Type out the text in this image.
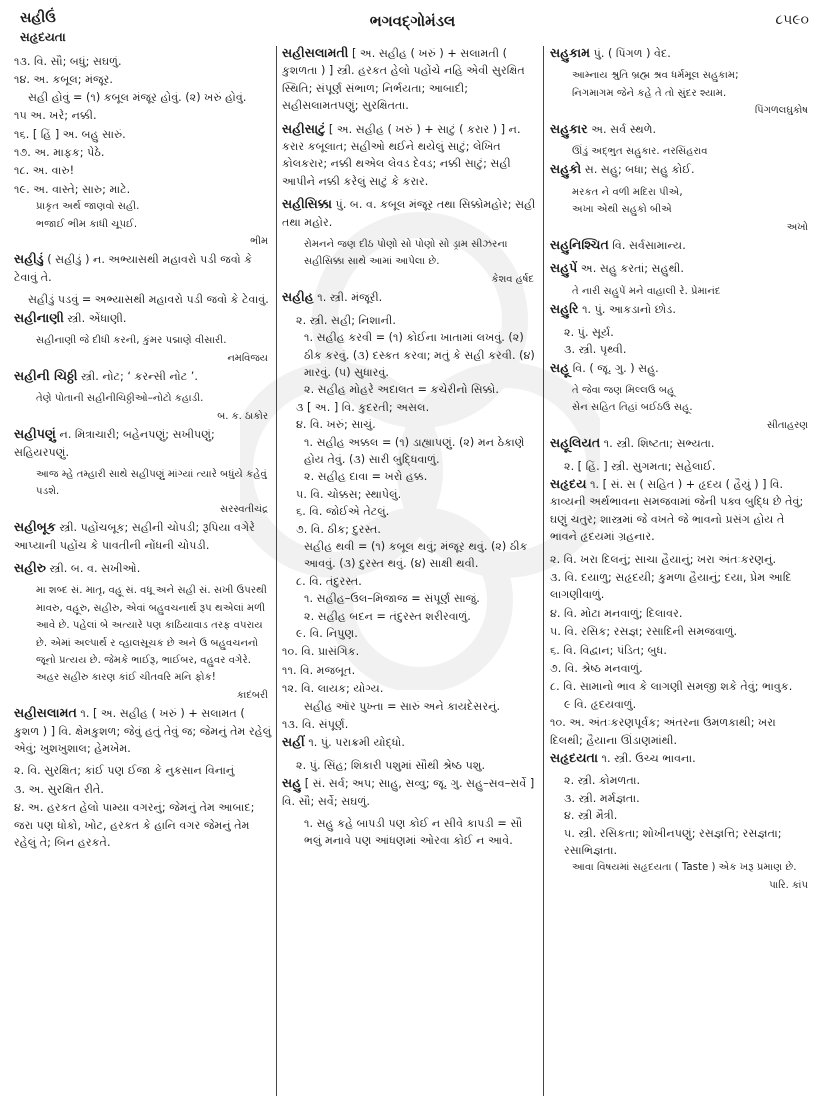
સહીઉં
સહૃદયતા
ભગવદ્ગોમંડલ	૮૫૯૦
૧૩. વિ. સૌ; બધું; સઘળું.
૧૪. અ. કબૂલ; મંજૂર.
સહી હોવું = (૧) કબૂલ મંજૂર હોવું. (૨) ખરું હોવું.
૧૫ અ. ખરે; નક્કી.
૧૬. [ હિં ] અ. બહુ સારું.
૧૭. અ. માફક; પેઠે.
૧૮. અ. વારુ!
૧૯. અ. વાસ્તે; સારુ; માટે.
પ્રાકૃત અર્થ જાણવો સહી.
ભજાઈ ભીમ કાધી ચૂપઈ.
ભીમ
સહીડું ( સહીડું ) ન. અભ્યાસથી મહાવરો પડી જવો કે ટેવાવું તે.
સહીડું પડવું = અભ્યાસથી મહાવરો પડી જવો કે ટેવાવું.
સહીનાણી સ્ત્રી. એંધાણી.
સહીનાણી જે દીધી કરની, કુંમર પદ્માણે વીસારી.
નમવિજય
સહીની ચિઠ્ઠી સ્ત્રી. નોટ; ‘ કરન્સી નોટ ’.
તેણે પોતાની સહીનીચિઠ્ઠીઓ–નોટો કહાડી.
બ. ક. ઠાકોર
સહીપણું ન. મિત્રાચારી; બહેનપણું; સખીપણું; સહિયરપણું.
આજ મ્હે તમ્હારી સાથે સહીપણું માંગ્યાં ત્યારે બધુંયે કહેવું પડશે.
સરસ્વતીચંદ્ર
સહીબૂક સ્ત્રી. પહોંચબૂક; સહીની ચોપડી; રૂપિયા વગેરે આપ્યાની પહોંચ કે પાવતીની નોંધની ચોપડી.
સહીરુ સ્ત્રી. બ. વ. સખીઓ.
મા શબ્દ સં. માતૃ, વહૂ સં. વધૂ અને સહી સં. સખી ઉપરથી માવરુ, વહૂરુ, સહીરુ, એવાં બહુવચનાર્થ રૂપ થએલાં મળી આવે છે. પહેલાં બે અત્યારે પણ કાઠિયાવાડ તરફ વપરાય છે. એમાં અલ્પાર્થ ર વ્હાલસૂચક છે અને ઉ બહુવચનનો જૂનો પ્રત્યય છે. જેમકે ભાઈરૂ, ભાઈબર, વહુવર વગેરે. અહર સહીરુ કારણ કાંઈ ચીતવરિ મનિ ફોક!
કાદંબરી
સહીસલામત ૧. [ અ. સહીહ ( ખરું ) + સલામત ( કુશળ ) ] વિ. ક્ષેમકુશળ; જેવું હતું તેવું જ; જેમનું તેમ રહેલું એવું; ખુશખુશાલ; હેમખેમ.
૨. વિ. સુરક્ષિત; કાંઈ પણ ઈજા કે નુકસાન વિનાનું
૩. અ. સુરક્ષિત રીતે.
૪. અ. હરકત હેલો પામ્યા વગરનું; જેમનું તેમ આબાદ; જરા પણ ધોકો, ખોટ, હરકત કે હાનિ વગર જેમનું તેમ રહેલું તે; બિન હરકતે.
સહીસલામતી [ અ. સહીહ ( ખરું ) + સલામતી ( કુશળતા ) ] સ્ત્રી. હરકત હેલો પહોંચે નહિ એવી સુરક્ષિત સ્થિતિ; સંપૂર્ણ સંભાળ; નિર્ભયતા; આબાદી; સહીસલામતપણું; સુરક્ષિતતા.
સહીસાટું [ અ. સહીહ ( ખરું ) + સાટું ( કરાર ) ] ન. કરાર કબૂલાત; સહીઓ થઈને થયેલું સાટું; લેખિત કોલકરાર; નક્કી થએલ લેવડ દેવડ; નક્કી સાટું; સહી આપીને નક્કી કરેલું સાટું કે કરાર.
સહીસિક્કા પું. બ. વ. કબૂલ મંજૂર તથા સિક્કોમહોર; સહી તથા મહોર.
રોમનને જણ દીઠ પોણો સો પોણો સો ડ્રામ સીઝરના સહીસિક્કા સાથે આમાં આપેલા છે.
કેશવ હર્ષદ
સહીહ ૧. સ્ત્રી. મંજૂરી.
૨. સ્ત્રી. સહી; નિશાની.
૧. સહીહ કરવી = (૧) કોઈના ખાતામાં લખવું. (૨) ઠીક કરવું. (૩) દસ્કત કરવા; મતું કે સહી કરવી. (૪) મારવું. (૫) સુધારવું.
૨. સહીહ મોહરે અદાલત = કચેરીનો સિક્કો.
૩ [ અ. ] વિ. કુદરતી; અસલ.
૪. વિ. ખરું; સાચું.
૧. સહીહ અક્કલ = (૧) ડાહ્યાપણું. (૨) મન ઠેકાણે હોય તેવું. (૩) સારી બુદ્ધિવાળું.
૨. સહીહ દાવા = ખરો હક્ક.
૫. વિ. ચોક્કસ; સ્થાપેલું.
૬. વિ. જોઈએ તેટલું.
૭. વિ. ઠીક; દુરસ્ત.
સહીહ થવી = (૧) કબૂલ થવું; મંજૂર થવું. (૨) ઠીક આવવું. (૩) દુરસ્ત થવું. (૪) સાક્ષી થવી.
૮. વિ. તંદુરસ્ત.
૧. સહીહ–ઉલ–મિજાજ = સંપૂર્ણ સાજું.
૨. સહીહ બદન = તંદુરસ્ત શરીરવાળું.
૯. વિ. નિપુણ.
૧૦. વિ. પ્રાસંગિક.
૧૧. વિ. મજબૂત.
૧૨. વિ. લાયક; યોગ્ય.
સહીહ ઑર પુખ્તા = સારું અને કાયદેસરનું.
૧૩. વિ. સંપૂર્ણ.
સહીં ૧. પું. પરાક્રમી યોદ્ધો.
૨. પું. સિંહ; શિકારી પશુમાં સૌથી શ્રેષ્ઠ પશુ.
સહુ [ સં. સર્વ; અપ; સાહુ, સવ્વુ; જૂ. ગુ. સહુ–સવ–સર્વે ] વિ. સૌ; સર્વે; સઘળું.
૧. સહુ કહે બાપડી પણ કોઈ ન સીવે કાપડી = સૌ ભલું મનાવે પણ આંધણમાં ઓરવા કોઈ ન આવે.
સહુકામ પું. ( પિંગળ ) વેદ.
આમ્નાય શ્રુતિ બ્રહ્મ શ્રવ ધર્મમૂલ સહુકામ;
નિગમાગમ જેને કહે તે તો સુંદર શ્યામ.
પિંગળલઘુકોષ
સહુકાર અ. સર્વ સ્થળે.
ઊંડું અદ્ભુત સહુકાર. નરસિંહરાવ
સહુકો સ. સહુ; બધા; સહુ કોઈ.
મરકત ને વળી મદિરા પીએ,
અખા એથી સહુકો બીએ
અખો
સહુનિશ્ચિત વિ. સર્વસામાન્ય.
સહુપેં અ. સહુ કરતાં; સહુથી.
તે નારી સહુપેં મને વાહાલી રે. પ્રેમાનંદ
સહુરિ ૧. પું. આકડાનો છોડ.
૨. પું. સૂર્ય.
૩. સ્ત્રી. પૃથ્વી.
સહૂ વિ. ( જૂ. ગુ. ) સહુ.
તે જેવા જણ મિલ્લઉ બહૂ
સેન સહિત તિહાં બઈઠઉ સહૂ.
સીતાહરણ
સહૂલિયત ૧. સ્ત્રી. શિષ્ટતા; સભ્યતા.
૨. [ હિં. ] સ્ત્રી. સુગમતા; સહેલાઈ.
સહૃદય ૧. [ સં. સ ( સહિત ) + હૃદય ( હૈયું ) ] વિ. કાવ્યની અર્થભાવના સમજવામાં જેની પક્વ બુદ્ધિ છે તેવું; ઘણું ચતુર; શાસ્ત્રમાં જે વખતે જે ભાવનો પ્રસંગ હોય તે ભાવને હૃદયમાં ગ્રહનાર.
૨. વિ. ખરા દિલનું; સાચા હૈયાનું; ખરા અંતઃકરણનું.
૩. વિ. દયાળુ; સહૃદયી; કુમળા હૈયાનું; દયા, પ્રેમ આદિ લાગણીવાળું.
૪. વિ. મોટા મનવાળું; દિલાવર.
૫. વિ. રસિક; રસજ્ઞ; રસાદિની સમજવાળું.
૬. વિ. વિદ્વાન; પંડિત; બુધ.
૭. વિ. શ્રેષ્ઠ મનવાળું.
૮. વિ. સામાનો ભાવ કે લાગણી સમજી શકે તેવું; ભાવુક.
૯ વિ. હૃદયવાળું.
૧૦. અ. અંતઃકરણપૂર્વક; અંતરના ઉમળકાથી; ખરા દિલથી; હૈયાના ઊંડાણમાંથી.
સહૃદયતા ૧. સ્ત્રી. ઉચ્ચ ભાવના.
૨. સ્ત્રી. કોમળતા.
૩. સ્ત્રી. મર્મજ્ઞતા.
૪. સ્ત્રી મૈત્રી.
૫. સ્ત્રી. રસિકતા; શોખીનપણું; રસજ્ઞત્તિ; રસજ્ઞતા; રસાભિજ્ઞતા.
આવા વિષયમાં સહૃદયતા ( Taste ) એક ખરૂ પ્રમાણ છે.
પારિ. કાંપ
